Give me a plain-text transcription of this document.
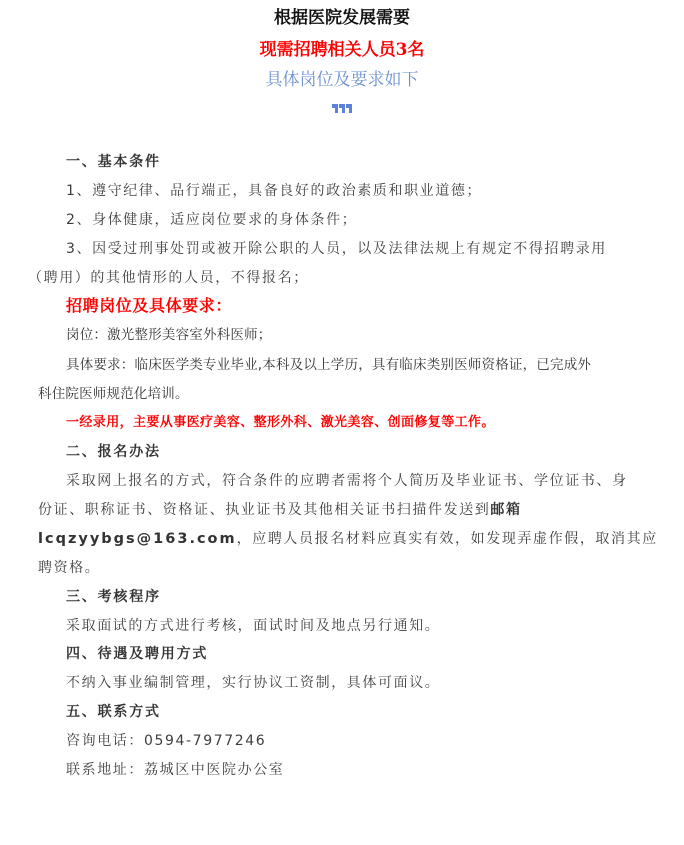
根据医院发展需要
现需招聘相关人员3名
具体岗位及要求如下
一、基本条件
1、遵守纪律、品行端正，具备良好的政治素质和职业道德；
2、身体健康，适应岗位要求的身体条件；
3、因受过刑事处罚或被开除公职的人员，以及法律法规上有规定不得招聘录用
（聘用）的其他情形的人员，不得报名；
招聘岗位及具体要求：
岗位：激光整形美容室外科医师；
具体要求：临床医学类专业毕业,本科及以上学历，具有临床类别医师资格证，已完成外
科住院医师规范化培训。
一经录用，主要从事医疗美容、整形外科、激光美容、创面修复等工作。
二、报名办法
采取网上报名的方式，符合条件的应聘者需将个人简历及毕业证书、学位证书、身
份证、职称证书、资格证、执业证书及其他相关证书扫描件发送到邮箱
lcqzyybgs@163.com，应聘人员报名材料应真实有效，如发现弄虚作假，取消其应
聘资格。
三、考核程序
采取面试的方式进行考核，面试时间及地点另行通知。
四、待遇及聘用方式
不纳入事业编制管理，实行协议工资制，具体可面议。
五、联系方式
咨询电话：0594-7977246
联系地址：荔城区中医院办公室
